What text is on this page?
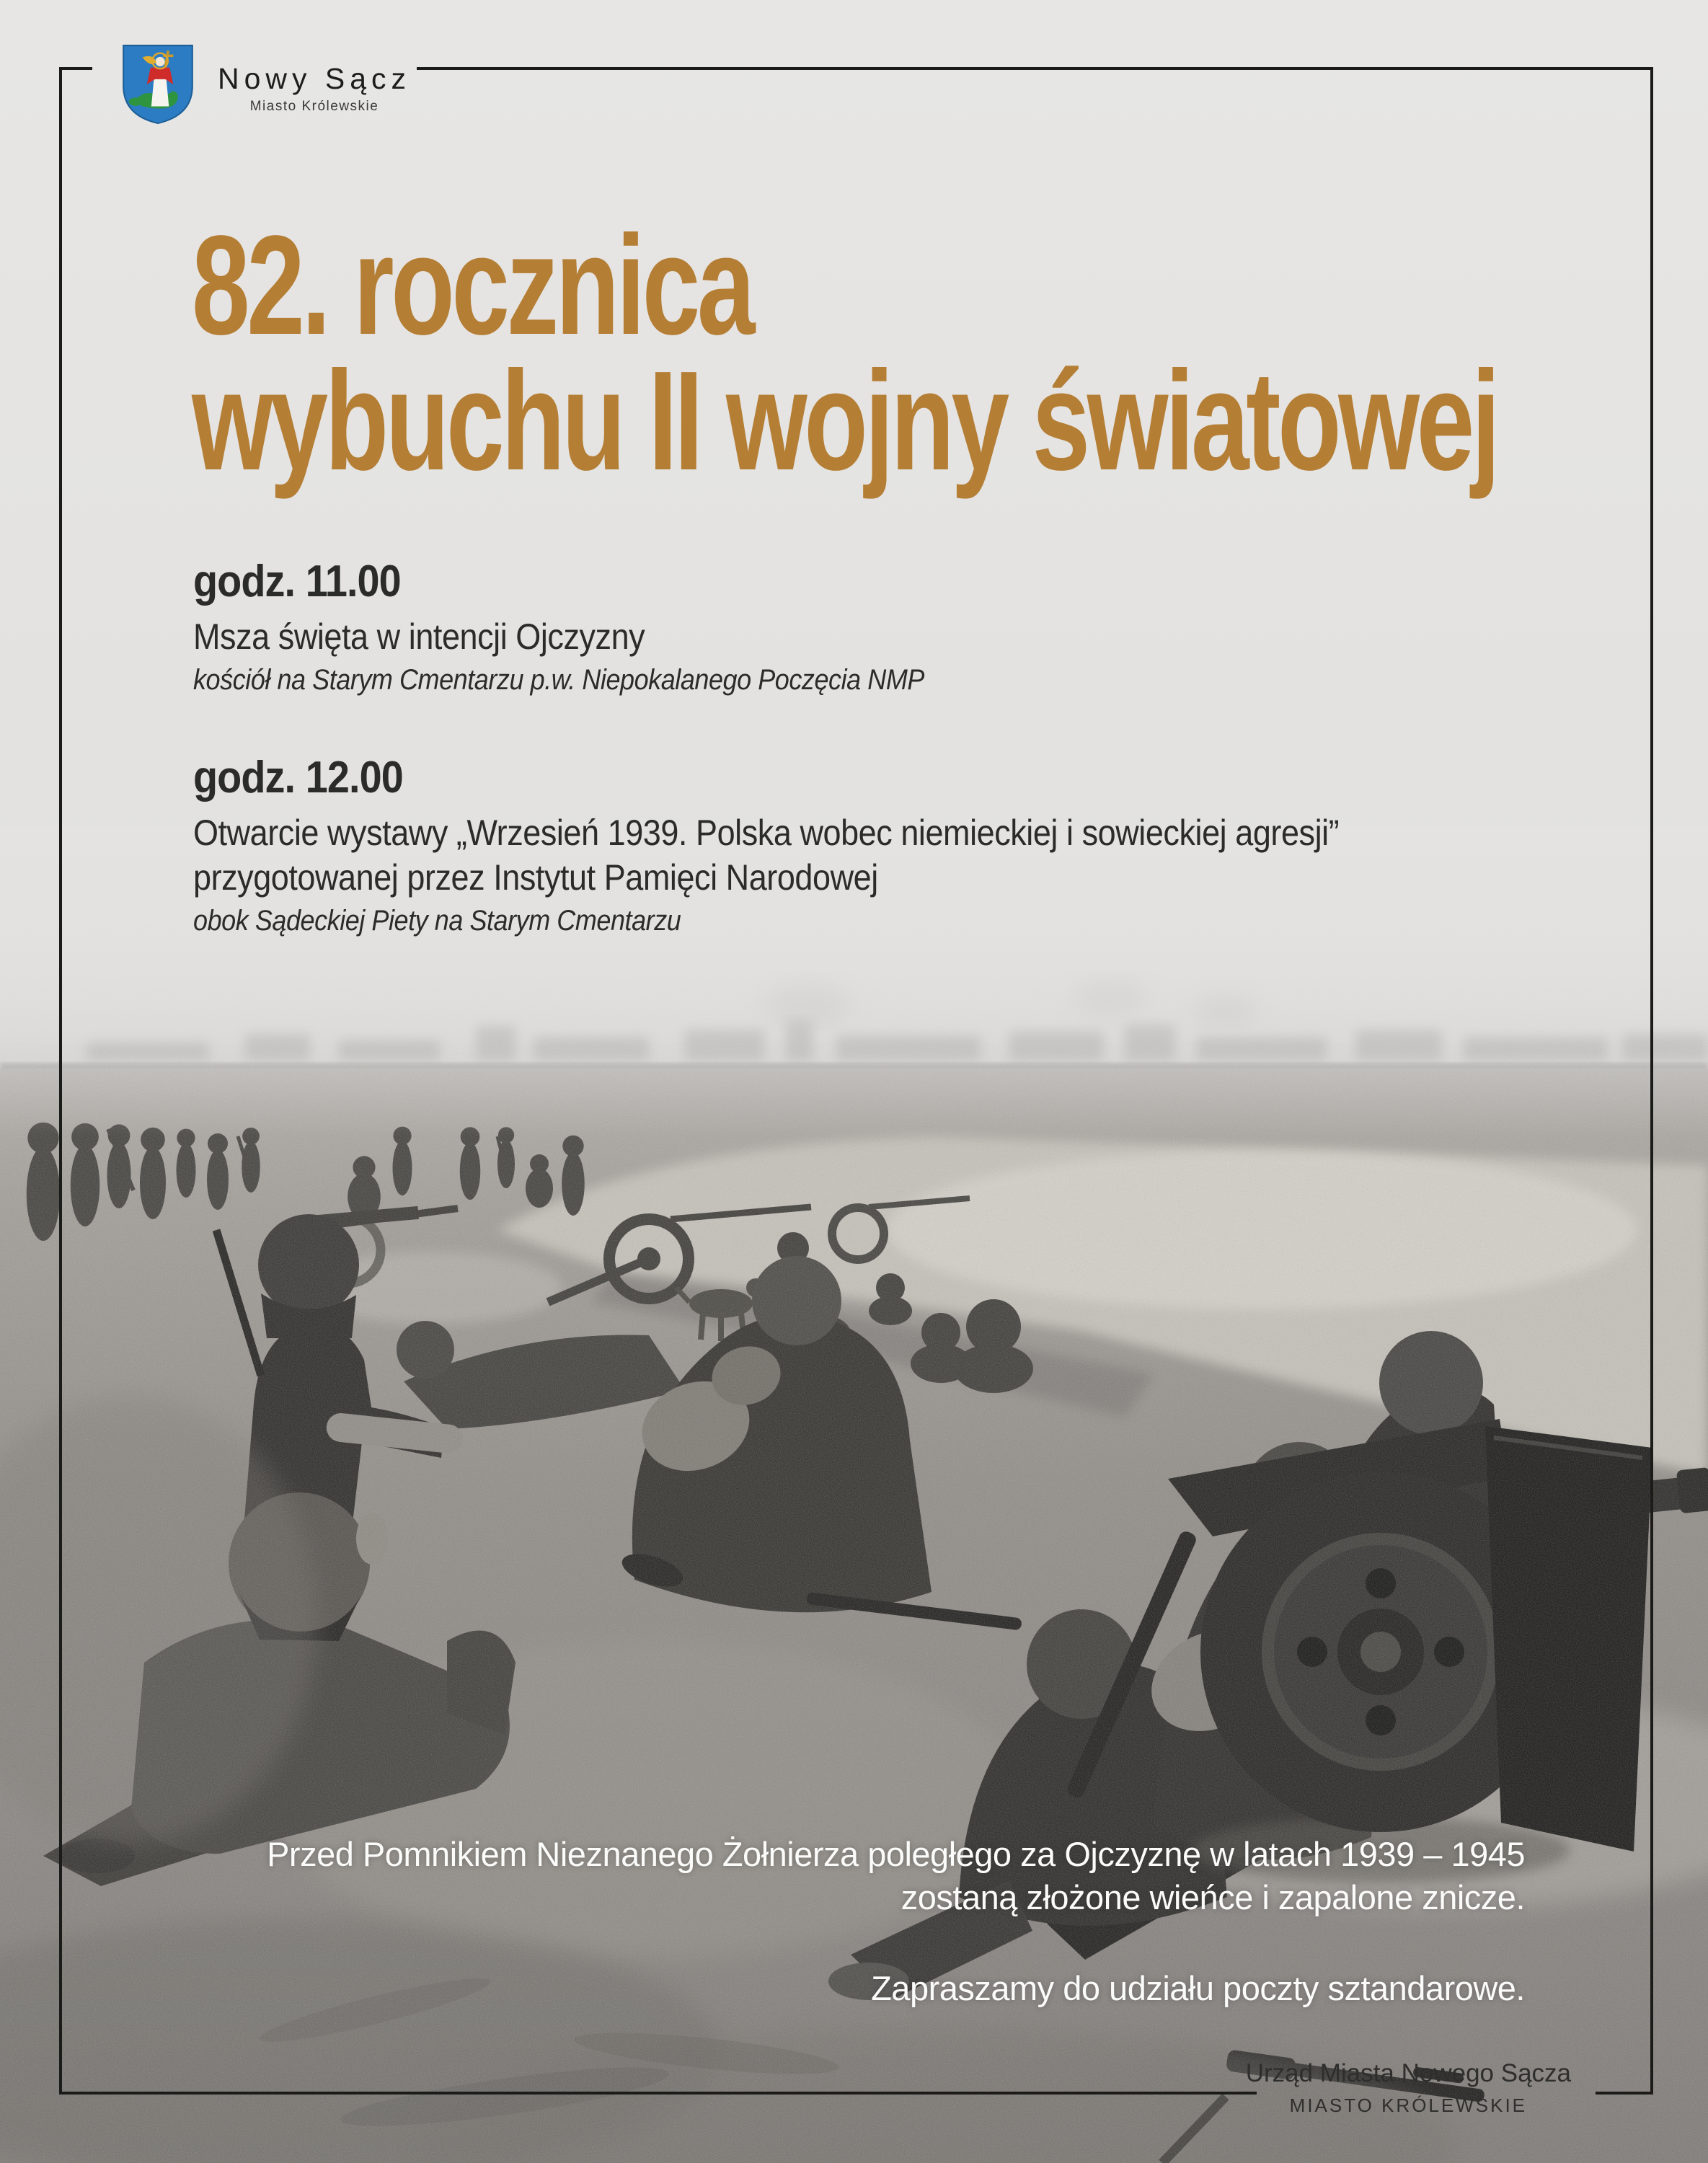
Nowy Sącz
Miasto Królewskie
82. rocznica
wybuchu II wojny światowej
godz. 11.00
Msza święta w intencji Ojczyzny
kościół na Starym Cmentarzu p.w. Niepokalanego Poczęcia NMP
godz. 12.00
Otwarcie wystawy „Wrzesień 1939. Polska wobec niemieckiej i sowieckiej agresji”
przygotowanej przez Instytut Pamięci Narodowej
obok Sądeckiej Piety na Starym Cmentarzu
Przed Pomnikiem Nieznanego Żołnierza poległego za Ojczyznę w latach 1939 – 1945
zostaną złożone wieńce i zapalone znicze.
Zapraszamy do udziału poczty sztandarowe.
Urząd Miasta Nowego Sącza
MIASTO KRÓLEWSKIE
